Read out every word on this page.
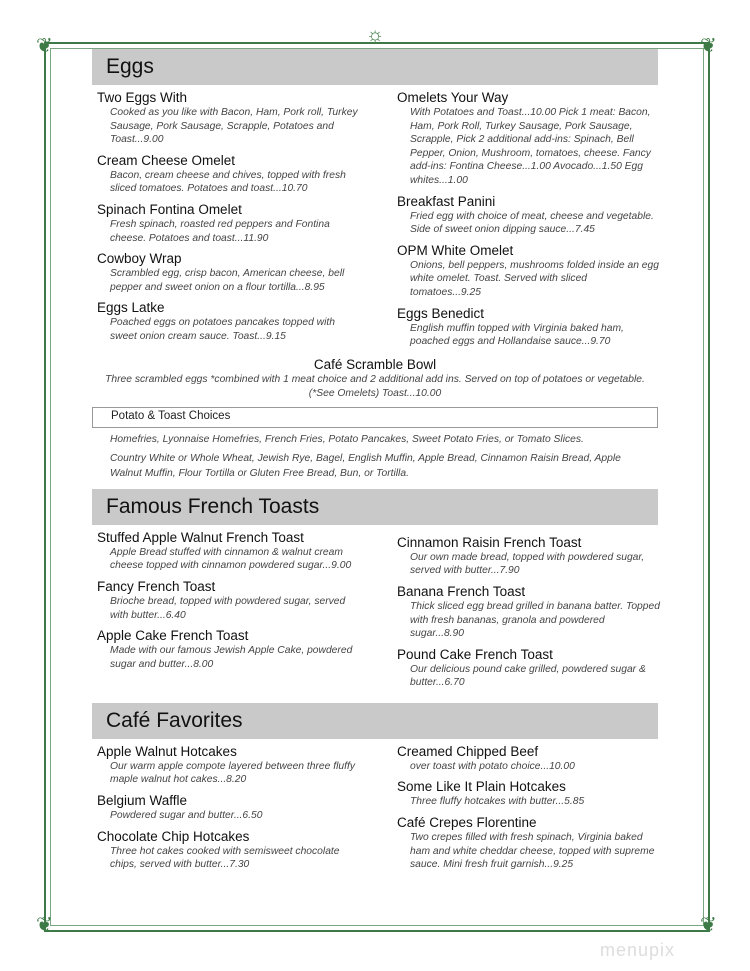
☼
❦	❦
❦	❦
Eggs
Two Eggs With
Cooked as you like with Bacon, Ham, Pork roll, Turkey Sausage, Pork Sausage, Scrapple, Potatoes and Toast...9.00
Cream Cheese Omelet
Bacon, cream cheese and chives, topped with fresh sliced tomatoes. Potatoes and toast...10.70
Spinach Fontina Omelet
Fresh spinach, roasted red peppers and Fontina cheese. Potatoes and toast...11.90
Cowboy Wrap
Scrambled egg, crisp bacon, American cheese, bell pepper and sweet onion on a flour tortilla...8.95
Eggs Latke
Poached eggs on potatoes pancakes topped with sweet onion cream sauce. Toast...9.15
Omelets Your Way
With Potatoes and Toast...10.00 Pick 1 meat: Bacon, Ham, Pork Roll, Turkey Sausage, Pork Sausage, Scrapple, Pick 2 additional add-ins: Spinach, Bell Pepper, Onion, Mushroom, tomatoes, cheese. Fancy add-ins: Fontina Cheese...1.00 Avocado...1.50 Egg whites...1.00
Breakfast Panini
Fried egg with choice of meat, cheese and vegetable. Side of sweet onion dipping sauce...7.45
OPM White Omelet
Onions, bell peppers, mushrooms folded inside an egg white omelet. Toast. Served with sliced tomatoes...9.25
Eggs Benedict
English muffin topped with Virginia baked ham, poached eggs and Hollandaise sauce...9.70
Café Scramble Bowl
Three scrambled eggs *combined with 1 meat choice and 2 additional add ins. Served on top of potatoes or vegetable.
(*See Omelets) Toast...10.00
Potato & Toast Choices
Homefries, Lyonnaise Homefries, French Fries, Potato Pancakes, Sweet Potato Fries, or Tomato Slices.
Country White or Whole Wheat, Jewish Rye, Bagel, English Muffin, Apple Bread, Cinnamon Raisin Bread, Apple Walnut Muffin, Flour Tortilla or Gluten Free Bread, Bun, or Tortilla.
Famous French Toasts
Stuffed Apple Walnut French Toast
Apple Bread stuffed with cinnamon & walnut cream cheese topped with cinnamon powdered sugar...9.00
Fancy French Toast
Brioche bread, topped with powdered sugar, served with butter...6.40
Apple Cake French Toast
Made with our famous Jewish Apple Cake, powdered sugar and butter...8.00
Cinnamon Raisin French Toast
Our own made bread, topped with powdered sugar, served with butter...7.90
Banana French Toast
Thick sliced egg bread grilled in banana batter. Topped with fresh bananas, granola and powdered sugar...8.90
Pound Cake French Toast
Our delicious pound cake grilled, powdered sugar & butter...6.70
Café Favorites
Apple Walnut Hotcakes
Our warm apple compote layered between three fluffy maple walnut hot cakes...8.20
Belgium Waffle
Powdered sugar and butter...6.50
Chocolate Chip Hotcakes
Three hot cakes cooked with semisweet chocolate chips, served with butter...7.30
Creamed Chipped Beef
over toast with potato choice...10.00
Some Like It Plain Hotcakes
Three fluffy hotcakes with butter...5.85
Café Crepes Florentine
Two crepes filled with fresh spinach, Virginia baked ham and white cheddar cheese, topped with supreme sauce. Mini fresh fruit garnish...9.25
menupix
